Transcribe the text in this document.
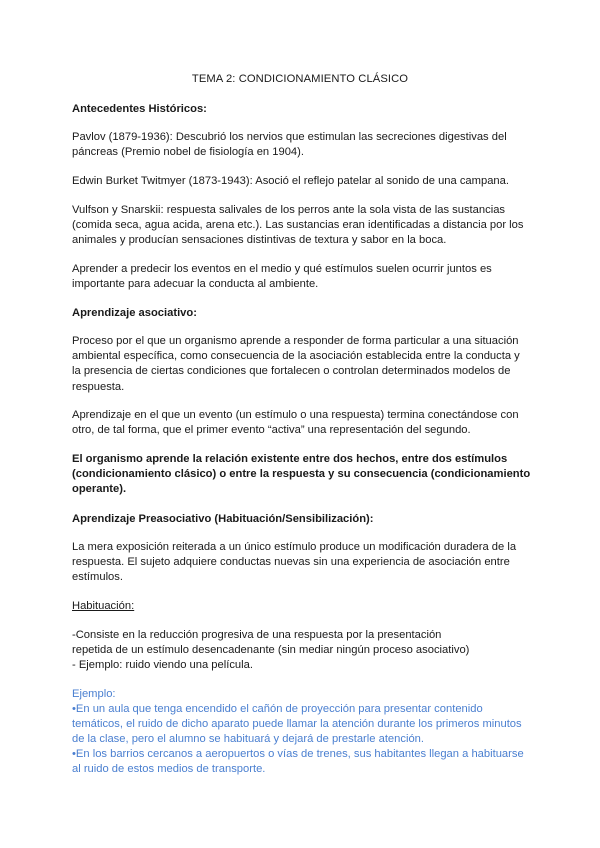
TEMA 2: CONDICIONAMIENTO CLÁSICO
Antecedentes Históricos:

Pavlov (1879-1936): Descubrió los nervios que estimulan las secreciones digestivas del
páncreas (Premio nobel de fisiología en 1904).

Edwin Burket Twitmyer (1873-1943): Asoció el reflejo patelar al sonido de una campana.

Vulfson y Snarskii: respuesta salivales de los perros ante la sola vista de las sustancias
(comida seca, agua acida, arena etc.). Las sustancias eran identificadas a distancia por los
animales y producían sensaciones distintivas de textura y sabor en la boca.

Aprender a predecir los eventos en el medio y qué estímulos suelen ocurrir juntos es
importante para adecuar la conducta al ambiente.

Aprendizaje asociativo:

Proceso por el que un organismo aprende a responder de forma particular a una situación
ambiental específica, como consecuencia de la asociación establecida entre la conducta y
la presencia de ciertas condiciones que fortalecen o controlan determinados modelos de
respuesta.

Aprendizaje en el que un evento (un estímulo o una respuesta) termina conectándose con
otro, de tal forma, que el primer evento “activa” una representación del segundo.

El organismo aprende la relación existente entre dos hechos, entre dos estímulos
(condicionamiento clásico) o entre la respuesta y su consecuencia (condicionamiento
operante).

Aprendizaje Preasociativo (Habituación/Sensibilización):

La mera exposición reiterada a un único estímulo produce un modificación duradera de la
respuesta. El sujeto adquiere conductas nuevas sin una experiencia de asociación entre
estímulos.

Habituación:

-Consiste en la reducción progresiva de una respuesta por la presentación
repetida de un estímulo desencadenante (sin mediar ningún proceso asociativo)
- Ejemplo: ruido viendo una película.

Ejemplo:

•En un aula que tenga encendido el cañón de proyección para presentar contenido
temáticos, el ruido de dicho aparato puede llamar la atención durante los primeros minutos
de la clase, pero el alumno se habituará y dejará de prestarle atención.

•En los barrios cercanos a aeropuertos o vías de trenes, sus habitantes llegan a habituarse
al ruido de estos medios de transporte.
